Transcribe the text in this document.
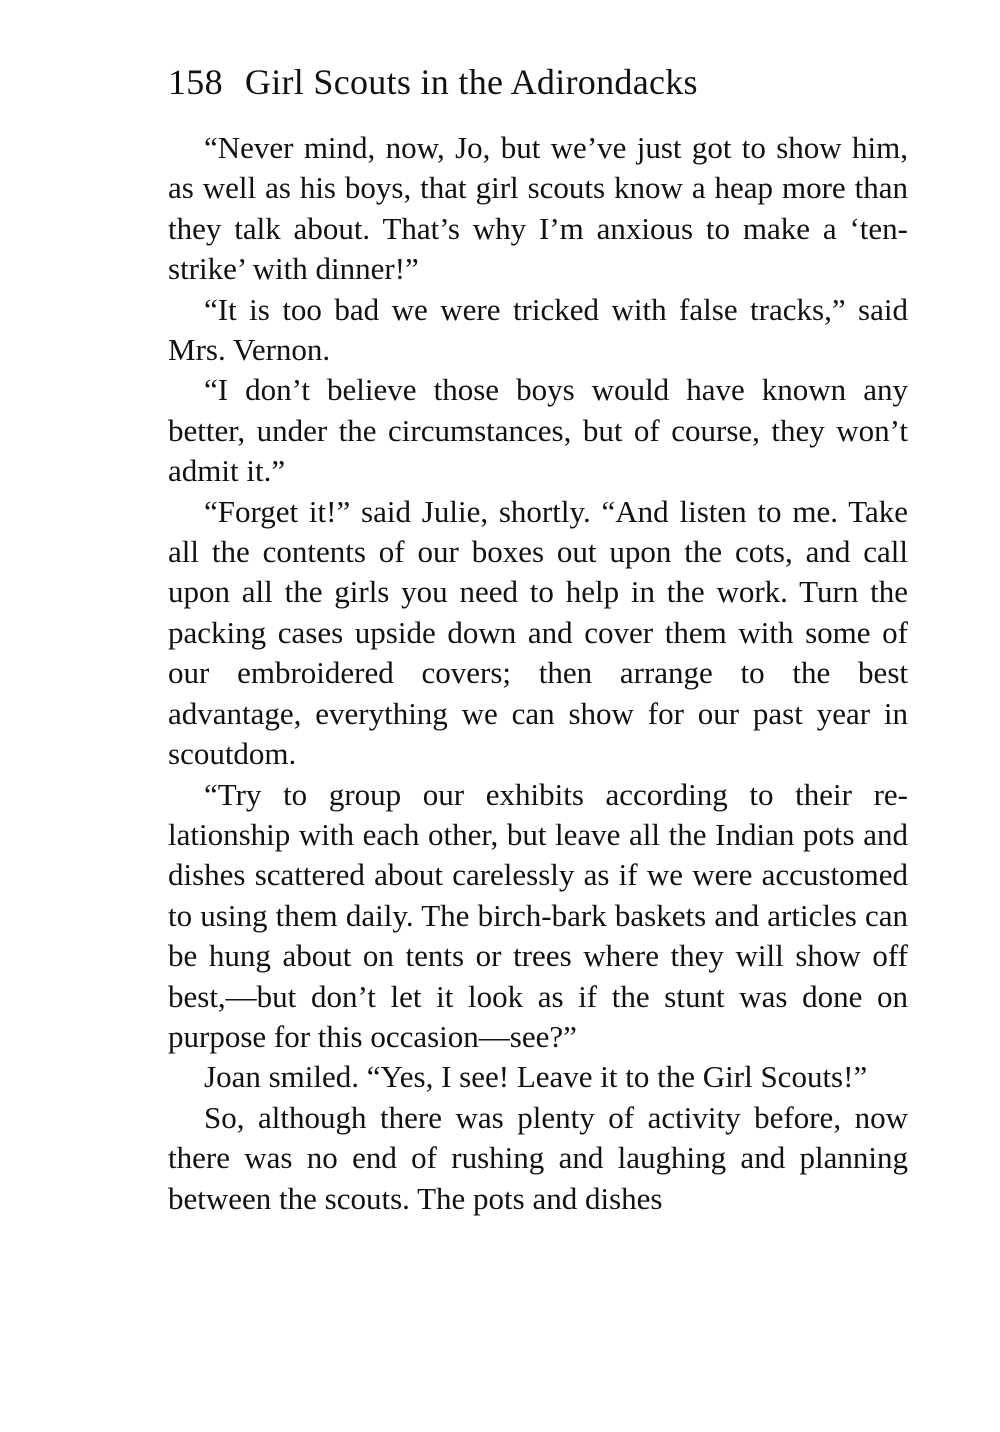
158 Girl Scouts in the Adirondacks

“Never mind, now, Jo, but we’ve just got to show him, as well as his boys, that girl scouts know a heap more than they talk about. That’s why I’m anxious to make a ‘ten-strike’ with dinner!”

“It is too bad we were tricked with false tracks,” said Mrs. Vernon.

“I don’t believe those boys would have known any better, under the circumstances, but of course, they won’t admit it.”

“Forget it!” said Julie, shortly. “And listen to me. Take all the contents of our boxes out upon the cots, and call upon all the girls you need to help in the work. Turn the packing cases upside down and cover them with some of our embroidered covers; then arrange to the best advantage, everything we can show for our past year in scoutdom.

“Try to group our exhibits according to their relationship with each other, but leave all the Indian pots and dishes scattered about carelessly as if we were accustomed to using them daily. The birch-bark baskets and articles can be hung about on tents or trees where they will show off best,—but don’t let it look as if the stunt was done on purpose for this occasion—see?”

Joan smiled. “Yes, I see! Leave it to the Girl Scouts!”

So, although there was plenty of activity before, now there was no end of rushing and laughing and planning between the scouts. The pots and dishes
